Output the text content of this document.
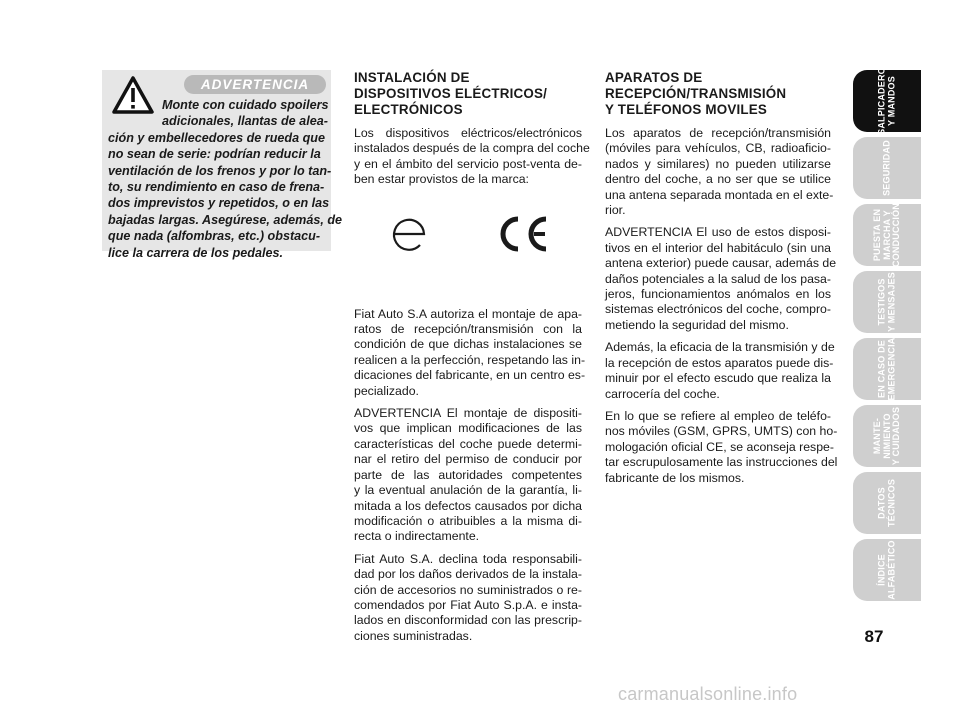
ADVERTENCIA
Monte con cuidado spoilers
adicionales, llantas de alea-
ción y embellecedores de rueda que
no sean de serie: podrían reducir la
ventilación de los frenos y por lo tan-
to, su rendimiento en caso de frena-
dos imprevistos y repetidos, o en las
bajadas largas. Asegúrese, además, de
que nada (alfombras, etc.) obstacu-
lice la carrera de los pedales.
INSTALACIÓN DE
DISPOSITIVOS ELÉCTRICOS/
ELECTRÓNICOS

Los dispositivos eléctricos/electrónicos
instalados después de la compra del coche
y en el ámbito del servicio post-venta de-
ben estar provistos de la marca:

Fiat Auto S.A autoriza el montaje de apa-
ratos de recepción/transmisión con la
condición de que dichas instalaciones se
realicen a la perfección, respetando las in-
dicaciones del fabricante, en un centro es-
pecializado.

ADVERTENCIA El montaje de dispositi-
vos que implican modificaciones de las
características del coche puede determi-
nar el retiro del permiso de conducir por
parte de las autoridades competentes
y la eventual anulación de la garantía, li-
mitada a los defectos causados por dicha
modificación o atribuibles a la misma di-
recta o indirectamente.

Fiat Auto S.A. declina toda responsabili-
dad por los daños derivados de la instala-
ción de accesorios no suministrados o re-
comendados por Fiat Auto S.p.A. e insta-
lados en disconformidad con las prescrip-
ciones suministradas.

APARATOS DE
RECEPCIÓN/TRANSMISIÓN
Y TELÉFONOS MOVILES

Los aparatos de recepción/transmisión
(móviles para vehículos, CB, radioaficio-
nados y similares) no pueden utilizarse
dentro del coche, a no ser que se utilice
una antena separada montada en el exte-
rior.

ADVERTENCIA El uso de estos disposi-
tivos en el interior del habitáculo (sin una
antena exterior) puede causar, además de
daños potenciales a la salud de los pasa-
jeros, funcionamientos anómalos en los
sistemas electrónicos del coche, compro-
metiendo la seguridad del mismo.

Además, la eficacia de la transmisión y de
la recepción de estos aparatos puede dis-
minuir por el efecto escudo que realiza la
carrocería del coche.

En lo que se refiere al empleo de teléfo-
nos móviles (GSM, GPRS, UMTS) con ho-
mologación oficial CE, se aconseja respe-
tar escrupulosamente las instrucciones del
fabricante de los mismos.

SALPICADERO
Y MANDOS
SEGURIDAD
PUESTA EN
MARCHA Y
CONDUCCIÓN
TESTIGOS
Y MENSAJES
EN CASO DE
EMERGENCIA
MANTE-
NIMIENTO
Y CUIDADOS
DATOS
TÉCNICOS
ÍNDICE
ALFABÉTICO
87
carmanualsonline.info
